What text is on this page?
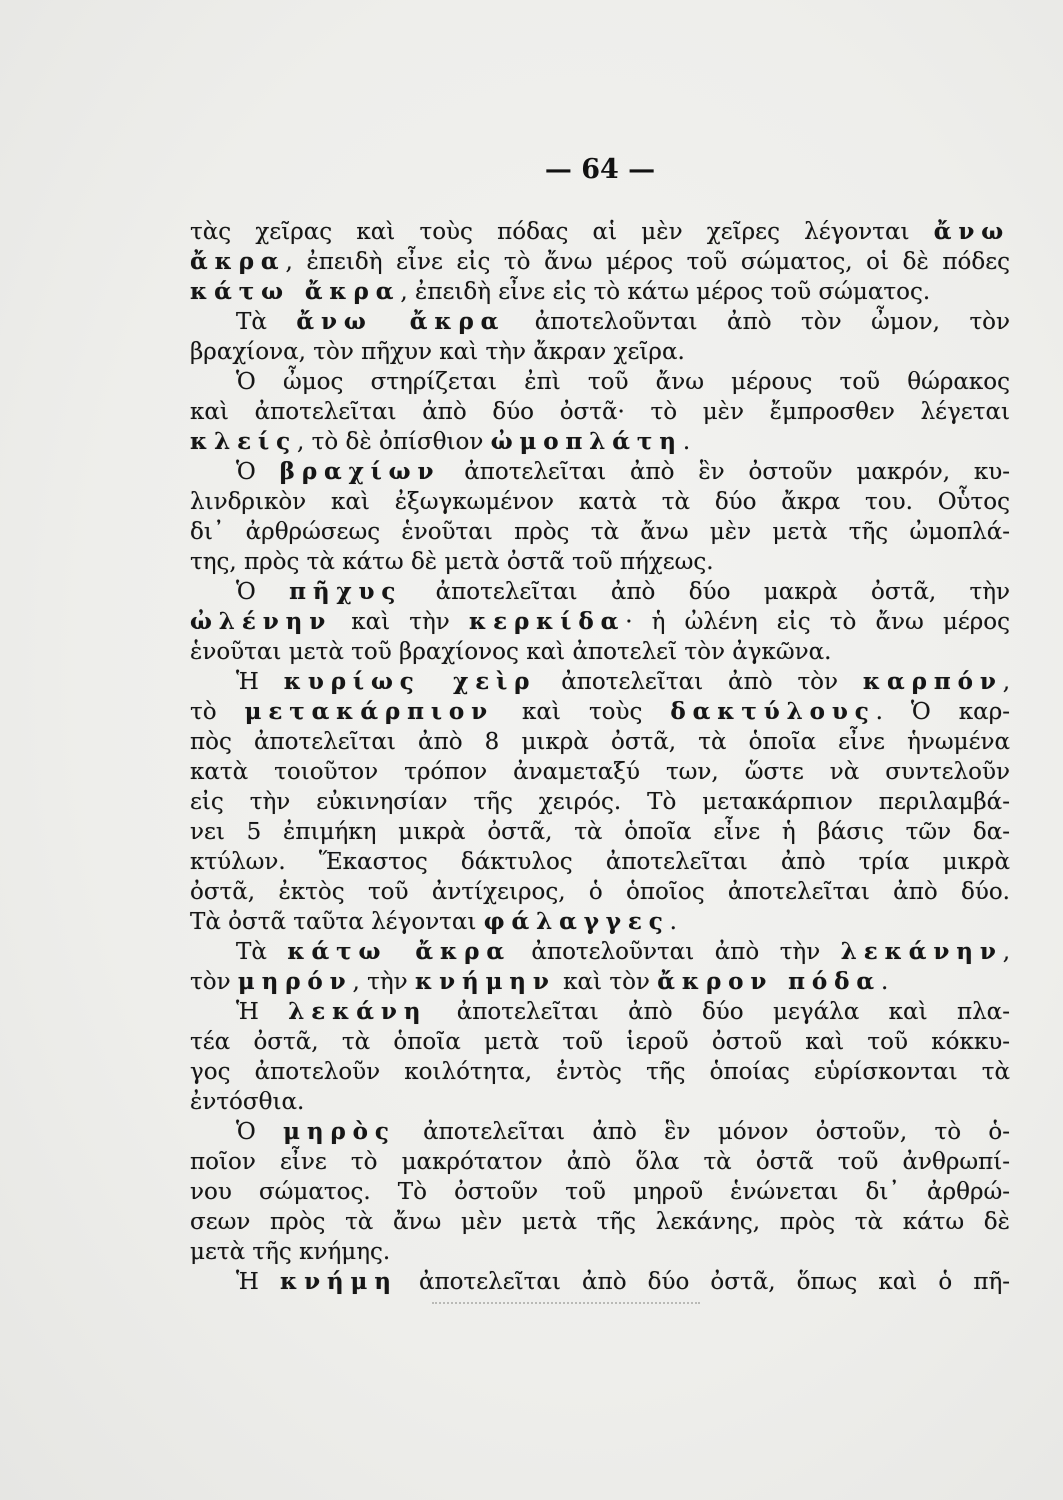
— 64 —
τὰς χεῖρας καὶ τοὺς πόδας αἱ μὲν χεῖρες λέγονται ἄνω
ἄκρα, ἐπειδὴ εἶνε εἰς τὸ ἄνω μέρος τοῦ σώματος, οἱ δὲ πόδες
κάτω ἄκρα, ἐπειδὴ εἶνε εἰς τὸ κάτω μέρος τοῦ σώματος.
Τὰ ἄνω ἄκρα ἀποτελοῦνται ἀπὸ τὸν ὦμον, τὸν
βραχίονα, τὸν πῆχυν καὶ τὴν ἄκραν χεῖρα.
Ὁ ὦμος στηρίζεται ἐπὶ τοῦ ἄνω μέρους τοῦ θώρακος
καὶ ἀποτελεῖται ἀπὸ δύο ὀστᾶ· τὸ μὲν ἔμπροσθεν λέγεται
κλείς, τὸ δὲ ὀπίσθιον ὠμοπλάτη.
Ὁ βραχίων ἀποτελεῖται ἀπὸ ἓν ὀστοῦν μακρόν, κυ-
λινδρικὸν καὶ ἐξωγκωμένον κατὰ τὰ δύο ἄκρα του. Οὗτος
δι᾿ ἀρθρώσεως ἑνοῦται πρὸς τὰ ἄνω μὲν μετὰ τῆς ὠμοπλά-
της, πρὸς τὰ κάτω δὲ μετὰ ὀστᾶ τοῦ πήχεως.
Ὁ πῆχυς ἀποτελεῖται ἀπὸ δύο μακρὰ ὀστᾶ, τὴν
ὠλένην καὶ τὴν κερκίδα· ἡ ὠλένη εἰς τὸ ἄνω μέρος
ἑνοῦται μετὰ τοῦ βραχίονος καὶ ἀποτελεῖ τὸν ἀγκῶνα.
Ἡ κυρίως χεὶρ ἀποτελεῖται ἀπὸ τὸν καρπόν,
τὸ μετακάρπιον καὶ τοὺς δακτύλους. Ὁ καρ-
πὸς ἀποτελεῖται ἀπὸ 8 μικρὰ ὀστᾶ, τὰ ὁποῖα εἶνε ἡνωμένα
κατὰ τοιοῦτον τρόπον ἀναμεταξύ των, ὥστε νὰ συντελοῦν
εἰς τὴν εὐκινησίαν τῆς χειρός. Τὸ μετακάρπιον περιλαμβά-
νει 5 ἐπιμήκη μικρὰ ὀστᾶ, τὰ ὁποῖα εἶνε ἡ βάσις τῶν δα-
κτύλων. Ἕκαστος δάκτυλος ἀποτελεῖται ἀπὸ τρία μικρὰ
ὀστᾶ, ἐκτὸς τοῦ ἀντίχειρος, ὁ ὁποῖος ἀποτελεῖται ἀπὸ δύο.
Τὰ ὀστᾶ ταῦτα λέγονται φάλαγγες.
Τὰ κάτω ἄκρα ἀποτελοῦνται ἀπὸ τὴν λεκάνην,
τὸν μηρόν, τὴν κνήμην καὶ τὸν ἄκρον πόδα.
Ἡ λεκάνη ἀποτελεῖται ἀπὸ δύο μεγάλα καὶ πλα-
τέα ὀστᾶ, τὰ ὁποῖα μετὰ τοῦ ἱεροῦ ὀστοῦ καὶ τοῦ κόκκυ-
γος ἀποτελοῦν κοιλότητα, ἐντὸς τῆς ὁποίας εὑρίσκονται τὰ
ἐντόσθια.
Ὁ μηρὸς ἀποτελεῖται ἀπὸ ἓν μόνον ὀστοῦν, τὸ ὁ-
ποῖον εἶνε τὸ μακρότατον ἀπὸ ὅλα τὰ ὀστᾶ τοῦ ἀνθρωπί-
νου σώματος. Τὸ ὀστοῦν τοῦ μηροῦ ἑνώνεται δι᾿ ἀρθρώ-
σεων πρὸς τὰ ἄνω μὲν μετὰ τῆς λεκάνης, πρὸς τὰ κάτω δὲ
μετὰ τῆς κνήμης.
Ἡ κνήμη ἀποτελεῖται ἀπὸ δύο ὀστᾶ, ὅπως καὶ ὁ πῆ-
